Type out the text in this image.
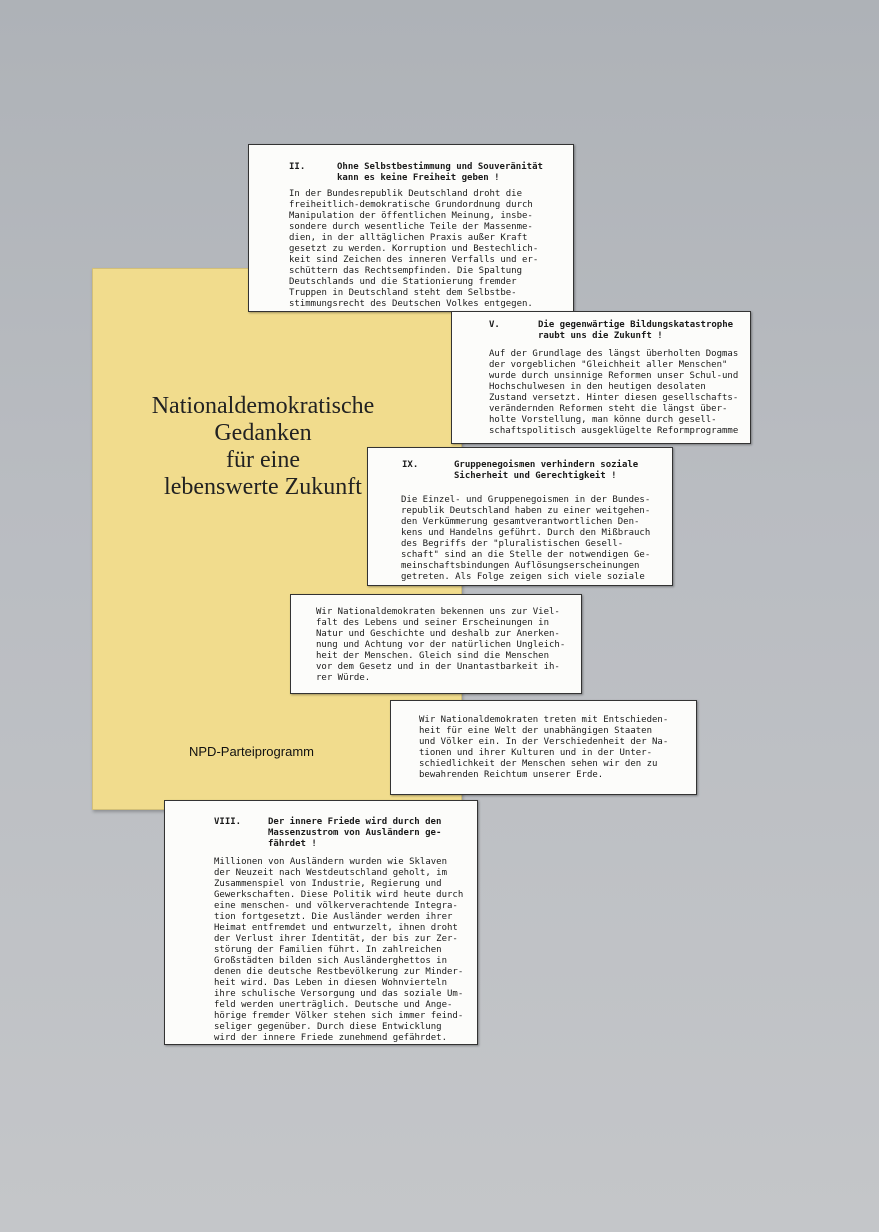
Nationaldemokratische
Gedanken
für eine
lebenswerte Zukunft
NPD-Parteiprogramm
II.	Ohne Selbstbestimmung und Souveränität
kann es keine Freiheit geben !
In der Bundesrepublik Deutschland droht die
freiheitlich-demokratische Grundordnung durch
Manipulation der öffentlichen Meinung, insbe-
sondere durch wesentliche Teile der Massenme-
dien, in der alltäglichen Praxis außer Kraft
gesetzt zu werden. Korruption und Bestechlich-
keit sind Zeichen des inneren Verfalls und er-
schüttern das Rechtsempfinden. Die Spaltung
Deutschlands und die Stationierung fremder
Truppen in Deutschland steht dem Selbstbe-
stimmungsrecht des Deutschen Volkes entgegen.
V.	Die gegenwärtige Bildungskatastrophe
raubt uns die Zukunft !
Auf der Grundlage des längst überholten Dogmas
der vorgeblichen "Gleichheit aller Menschen"
wurde durch unsinnige Reformen unser Schul-und
Hochschulwesen in den heutigen desolaten
Zustand versetzt. Hinter diesen gesellschafts-
verändernden Reformen steht die längst über-
holte Vorstellung, man könne durch gesell-
schaftspolitisch ausgeklügelte Reformprogramme
IX.	Gruppenegoismen verhindern soziale
Sicherheit und Gerechtigkeit !
Die Einzel- und Gruppenegoismen in der Bundes-
republik Deutschland haben zu einer weitgehen-
den Verkümmerung gesamtverantwortlichen Den-
kens und Handelns geführt. Durch den Mißbrauch
des Begriffs der "pluralistischen Gesell-
schaft" sind an die Stelle der notwendigen Ge-
meinschaftsbindungen Auflösungserscheinungen
getreten. Als Folge zeigen sich viele soziale
Wir Nationaldemokraten bekennen uns zur Viel-
falt des Lebens und seiner Erscheinungen in
Natur und Geschichte und deshalb zur Anerken-
nung und Achtung vor der natürlichen Ungleich-
heit der Menschen. Gleich sind die Menschen
vor dem Gesetz und in der Unantastbarkeit ih-
rer Würde.
Wir Nationaldemokraten treten mit Entschieden-
heit für eine Welt der unabhängigen Staaten
und Völker ein. In der Verschiedenheit der Na-
tionen und ihrer Kulturen und in der Unter-
schiedlichkeit der Menschen sehen wir den zu
bewahrenden Reichtum unserer Erde.
VIII.	Der innere Friede wird durch den
Massenzustrom von Ausländern ge-
fährdet !
Millionen von Ausländern wurden wie Sklaven
der Neuzeit nach Westdeutschland geholt, im
Zusammenspiel von Industrie, Regierung und
Gewerkschaften. Diese Politik wird heute durch
eine menschen- und völkerverachtende Integra-
tion fortgesetzt. Die Ausländer werden ihrer
Heimat entfremdet und entwurzelt, ihnen droht
der Verlust ihrer Identität, der bis zur Zer-
störung der Familien führt. In zahlreichen
Großstädten bilden sich Ausländerghettos in
denen die deutsche Restbevölkerung zur Minder-
heit wird. Das Leben in diesen Wohnvierteln
ihre schulische Versorgung und das soziale Um-
feld werden unerträglich. Deutsche und Ange-
hörige fremder Völker stehen sich immer feind-
seliger gegenüber. Durch diese Entwicklung
wird der innere Friede zunehmend gefährdet.
